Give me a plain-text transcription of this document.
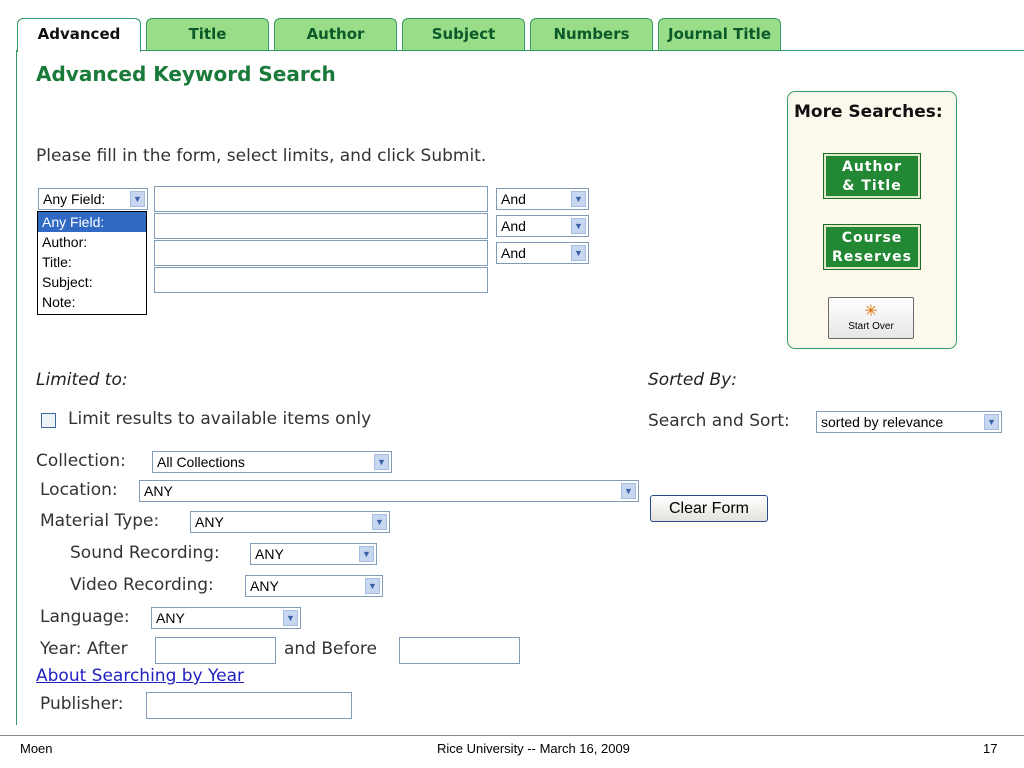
Advanced	Title	Author	Subject	Numbers	Journal Title
Advanced Keyword Search
Please fill in the form, select limits, and click Submit.
Any Field:	▼
Any Field:
Author:
Title:
Subject:
Note:
And	▼
And	▼
And	▼
More Searches:
Author
& Title
Course
Reserves
✳
Start Over
Limited to:
Limit results to available items only
Collection:	All Collections	▼
Location:	ANY	▼
Material Type:	ANY	▼
Sound Recording:	ANY	▼
Video Recording:	ANY	▼
Language:	ANY	▼
Year: After	and Before
About Searching by Year
Publisher:
Sorted By:
Search and Sort:	sorted by relevance	▼
Clear Form
Moen	Rice University -- March 16, 2009	17
